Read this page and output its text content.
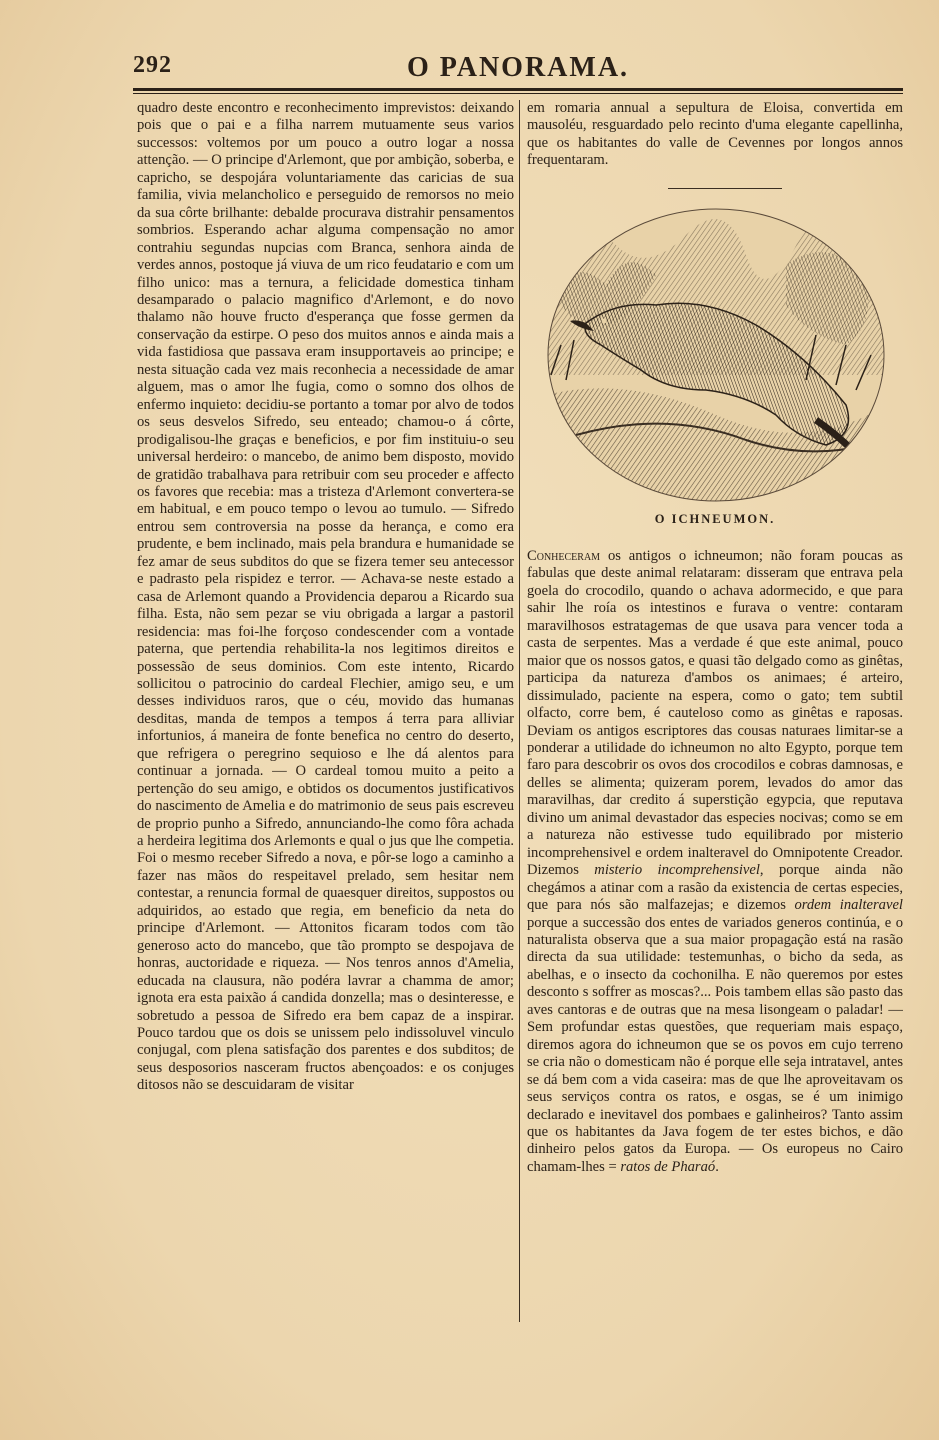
292	O PANORAMA.

quadro deste encontro e reconhecimento imprevistos: deixando pois que o pai e a filha narrem mutuamente seus varios successos: voltemos por um pouco a outro logar a nossa attenção. — O principe d'Arlemont, que por ambição, soberba, e capricho, se despojára voluntariamente das caricias de sua familia, vivia melancholico e perseguido de remorsos no meio da sua côrte brilhante: debalde procurava distrahir pensamentos sombrios. Esperando achar alguma compensação no amor contrahiu segundas nupcias com Branca, senhora ainda de verdes annos, postoque já viuva de um rico feudatario e com um filho unico: mas a ternura, a felicidade domestica tinham desamparado o palacio magnifico d'Arlemont, e do novo thalamo não houve fructo d'esperança que fosse germen da conservação da estirpe. O peso dos muitos annos e ainda mais a vida fastidiosa que passava eram insupportaveis ao principe; e nesta situação cada vez mais reconhecia a necessidade de amar alguem, mas o amor lhe fugia, como o somno dos olhos de enfermo inquieto: decidiu-se portanto a tomar por alvo de todos os seus desvelos Sifredo, seu enteado; chamou-o á côrte, prodigalisou-lhe graças e beneficios, e por fim instituiu-o seu universal herdeiro: o mancebo, de animo bem disposto, movido de gratidão trabalhava para retribuir com seu proceder e affecto os favores que recebia: mas a tristeza d'Arlemont convertera-se em habitual, e em pouco tempo o levou ao tumulo. — Sifredo entrou sem controversia na posse da herança, e como era prudente, e bem inclinado, mais pela brandura e humanidade se fez amar de seus subditos do que se fizera temer seu antecessor e padrasto pela rispidez e terror. — Achava-se neste estado a casa de Arlemont quando a Providencia deparou a Ricardo sua filha. Esta, não sem pezar se viu obrigada a largar a pastoril residencia: mas foi-lhe forçoso condescender com a vontade paterna, que pertendia rehabilita-la nos legitimos direitos e possessão de seus dominios. Com este intento, Ricardo sollicitou o patrocinio do cardeal Flechier, amigo seu, e um desses individuos raros, que o céu, movido das humanas desditas, manda de tempos a tempos á terra para alliviar infortunios, á maneira de fonte benefica no centro do deserto, que refrigera o peregrino sequioso e lhe dá alentos para continuar a jornada. — O cardeal tomou muito a peito a pertenção do seu amigo, e obtidos os documentos justificativos do nascimento de Amelia e do matrimonio de seus pais escreveu de proprio punho a Sifredo, annunciando-lhe como fôra achada a herdeira legitima dos Arlemonts e qual o jus que lhe competia. Foi o mesmo receber Sifredo a nova, e pôr-se logo a caminho a fazer nas mãos do respeitavel prelado, sem hesitar nem contestar, a renuncia formal de quaesquer direitos, suppostos ou adquiridos, ao estado que regia, em beneficio da neta do principe d'Arlemont. — Attonitos ficaram todos com tão generoso acto do mancebo, que tão prompto se despojava de honras, auctoridade e riqueza. — Nos tenros annos d'Amelia, educada na clausura, não podéra lavrar a chamma de amor; ignota era esta paixão á candida donzella; mas o desinteresse, e sobretudo a pessoa de Sifredo era bem capaz de a inspirar. Pouco tardou que os dois se unissem pelo indissoluvel vinculo conjugal, com plena satisfação dos parentes e dos subditos; de seus desposorios nasceram fructos abençoados: e os conjuges ditosos não se descuidaram de visitar

em romaria annual a sepultura de Eloisa, convertida em mausoléu, resguardado pelo recinto d'uma elegante capellinha, que os habitantes do valle de Cevennes por longos annos frequentaram.

O ICHNEUMON.

Conheceram os antigos o ichneumon; não foram poucas as fabulas que deste animal relataram: disseram que entrava pela goela do crocodilo, quando o achava adormecido, e que para sahir lhe roía os intestinos e furava o ventre: contaram maravilhosos estratagemas de que usava para vencer toda a casta de serpentes. Mas a verdade é que este animal, pouco maior que os nossos gatos, e quasi tão delgado como as ginêtas, participa da natureza d'ambos os animaes; é arteiro, dissimulado, paciente na espera, como o gato; tem subtil olfacto, corre bem, é cauteloso como as ginêtas e raposas. Deviam os antigos escriptores das cousas naturaes limitar-se a ponderar a utilidade do ichneumon no alto Egypto, porque tem faro para descobrir os ovos dos crocodilos e cobras damnosas, e delles se alimenta; quizeram porem, levados do amor das maravilhas, dar credito á superstição egypcia, que reputava divino um animal devastador das especies nocivas; como se em a natureza não estivesse tudo equilibrado por misterio incomprehensivel e ordem inalteravel do Omnipotente Creador. Dizemos misterio incomprehensivel, porque ainda não chegámos a atinar com a rasão da existencia de certas especies, que para nós são malfazejas; e dizemos ordem inalteravel porque a successão dos entes de variados generos continúa, e o naturalista observa que a sua maior propagação está na rasão directa da sua utilidade: testemunhas, o bicho da seda, as abelhas, e o insecto da cochonilha. E não queremos por estes desconto s soffrer as moscas?... Pois tambem ellas são pasto das aves cantoras e de outras que na mesa lisongeam o paladar! — Sem profundar estas questões, que requeriam mais espaço, diremos agora do ichneumon que se os povos em cujo terreno se cria não o domesticam não é porque elle seja intratavel, antes se dá bem com a vida caseira: mas de que lhe aproveitavam os seus serviços contra os ratos, e osgas, se é um inimigo declarado e inevitavel dos pombaes e galinheiros? Tanto assim que os habitantes da Java fogem de ter estes bichos, e dão dinheiro pelos gatos da Europa. — Os europeus no Cairo chamam-lhes = ratos de Pharaó.
